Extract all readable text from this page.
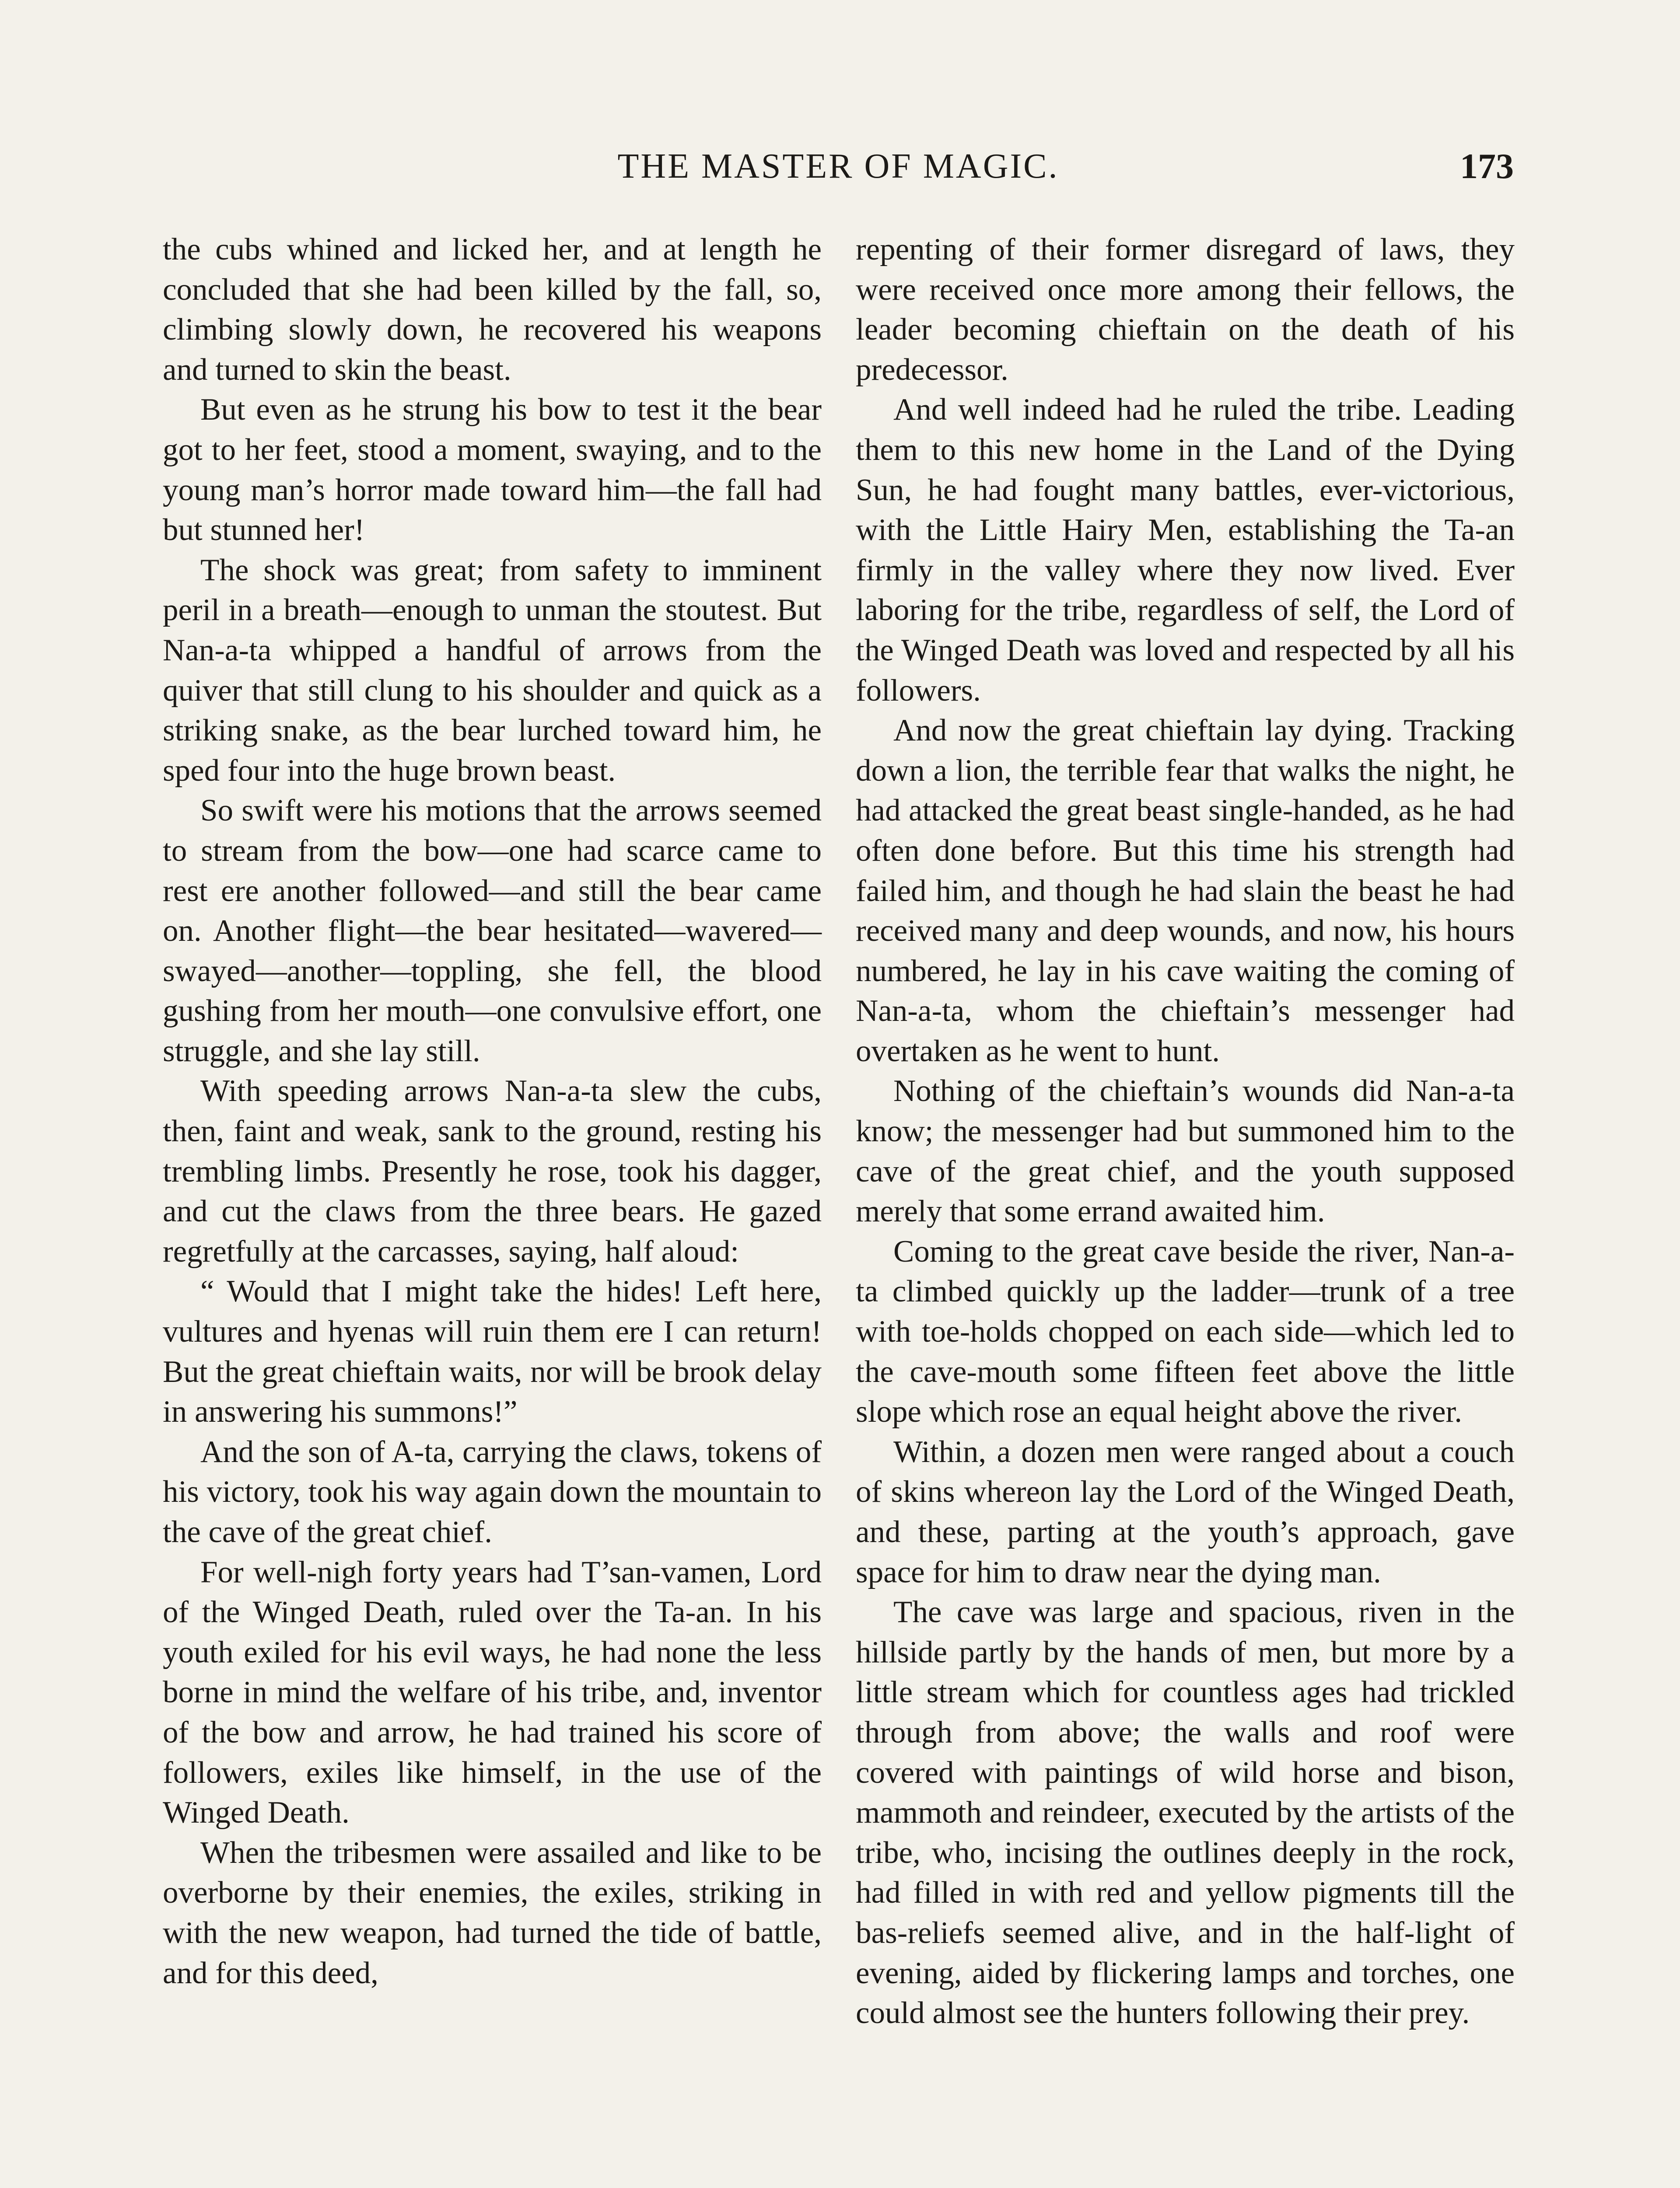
THE MASTER OF MAGIC.	173

the cubs whined and licked her, and at length he concluded that she had been killed by the fall, so, climbing slowly down, he recovered his weapons and turned to skin the beast.

But even as he strung his bow to test it the bear got to her feet, stood a moment, swaying, and to the young man’s horror made toward him—the fall had but stunned her!

The shock was great; from safety to imminent peril in a breath—enough to unman the stoutest. But Nan-a-ta whipped a handful of arrows from the quiver that still clung to his shoulder and quick as a striking snake, as the bear lurched toward him, he sped four into the huge brown beast.

So swift were his motions that the arrows seemed to stream from the bow—one had scarce came to rest ere another followed—and still the bear came on. Another flight—the bear hesitated—wavered—swayed—another—toppling, she fell, the blood gushing from her mouth—one convulsive effort, one struggle, and she lay still.

With speeding arrows Nan-a-ta slew the cubs, then, faint and weak, sank to the ground, resting his trembling limbs. Presently he rose, took his dagger, and cut the claws from the three bears. He gazed regretfully at the carcasses, saying, half aloud:

“ Would that I might take the hides! Left here, vultures and hyenas will ruin them ere I can return! But the great chieftain waits, nor will be brook delay in answering his summons!”

And the son of A-ta, carrying the claws, tokens of his victory, took his way again down the mountain to the cave of the great chief.

For well-nigh forty years had T’san-vamen, Lord of the Winged Death, ruled over the Ta-an. In his youth exiled for his evil ways, he had none the less borne in mind the welfare of his tribe, and, inventor of the bow and arrow, he had trained his score of followers, exiles like himself, in the use of the Winged Death.

When the tribesmen were assailed and like to be overborne by their enemies, the exiles, striking in with the new weapon, had turned the tide of battle, and for this deed,

repenting of their former disregard of laws, they were received once more among their fellows, the leader becoming chieftain on the death of his predecessor.

And well indeed had he ruled the tribe. Leading them to this new home in the Land of the Dying Sun, he had fought many battles, ever-victorious, with the Little Hairy Men, establishing the Ta-an firmly in the valley where they now lived. Ever laboring for the tribe, regardless of self, the Lord of the Winged Death was loved and respected by all his followers.

And now the great chieftain lay dying. Tracking down a lion, the terrible fear that walks the night, he had attacked the great beast single-handed, as he had often done before. But this time his strength had failed him, and though he had slain the beast he had received many and deep wounds, and now, his hours numbered, he lay in his cave waiting the coming of Nan-a-ta, whom the chieftain’s messenger had overtaken as he went to hunt.

Nothing of the chieftain’s wounds did Nan-a-ta know; the messenger had but summoned him to the cave of the great chief, and the youth supposed merely that some errand awaited him.

Coming to the great cave beside the river, Nan-a-ta climbed quickly up the ladder—trunk of a tree with toe-holds chopped on each side—which led to the cave-mouth some fifteen feet above the little slope which rose an equal height above the river.

Within, a dozen men were ranged about a couch of skins whereon lay the Lord of the Winged Death, and these, parting at the youth’s approach, gave space for him to draw near the dying man.

The cave was large and spacious, riven in the hillside partly by the hands of men, but more by a little stream which for countless ages had trickled through from above; the walls and roof were covered with paintings of wild horse and bison, mammoth and reindeer, executed by the artists of the tribe, who, incising the outlines deeply in the rock, had filled in with red and yellow pigments till the bas-reliefs seemed alive, and in the half-light of evening, aided by flickering lamps and torches, one could almost see the hunters following their prey.
